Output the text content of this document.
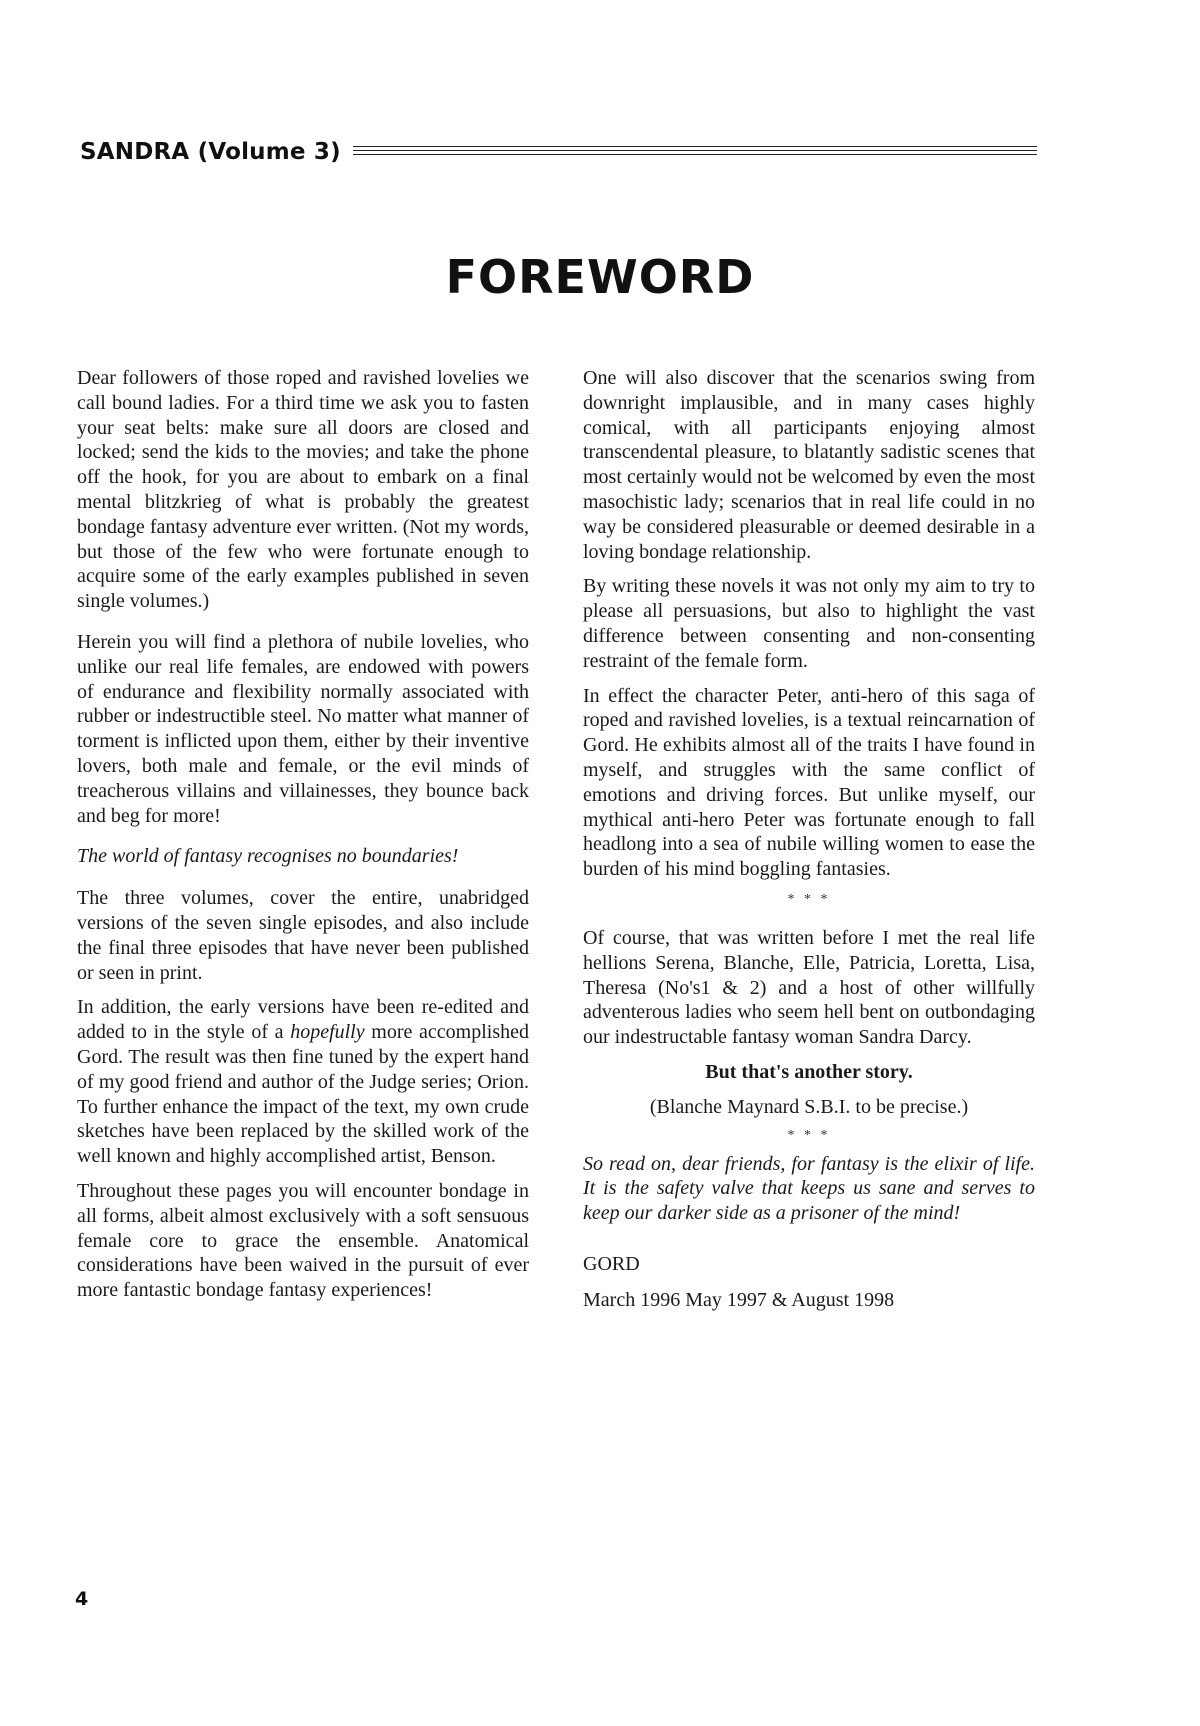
SANDRA (Volume 3)
FOREWORD

Dear followers of those roped and ravished lovelies we call bound ladies. For a third time we ask you to fasten your seat belts: make sure all doors are closed and locked; send the kids to the movies; and take the phone off the hook, for you are about to embark on a final mental blitzkrieg of what is probably the greatest bondage fantasy adventure ever written. (Not my words, but those of the few who were fortunate enough to acquire some of the early examples published in seven single volumes.)

Herein you will find a plethora of nubile lovelies, who unlike our real life females, are endowed with powers of endurance and flexibility normally associated with rubber or indestructible steel. No matter what manner of torment is inflicted upon them, either by their inventive lovers, both male and female, or the evil minds of treacherous villains and villainesses, they bounce back and beg for more!

The world of fantasy recognises no boundaries!

The three volumes, cover the entire, unabridged versions of the seven single episodes, and also include the final three episodes that have never been published or seen in print.

In addition, the early versions have been re-edited and added to in the style of a hopefully more accomplished Gord. The result was then fine tuned by the expert hand of my good friend and author of the Judge series; Orion. To further enhance the impact of the text, my own crude sketches have been replaced by the skilled work of the well known and highly accomplished artist, Benson.

Throughout these pages you will encounter bondage in all forms, albeit almost exclusively with a soft sensuous female core to grace the ensemble. Anatomical considerations have been waived in the pursuit of ever more fantastic bondage fantasy experiences!

One will also discover that the scenarios swing from downright implausible, and in many cases highly comical, with all participants enjoying almost transcendental pleasure, to blatantly sadistic scenes that most certainly would not be welcomed by even the most masochistic lady; scenarios that in real life could in no way be considered pleasurable or deemed desirable in a loving bondage relationship.

By writing these novels it was not only my aim to try to please all persuasions, but also to highlight the vast difference between consenting and non-consenting restraint of the female form.

In effect the character Peter, anti-hero of this saga of roped and ravished lovelies, is a textual reincarnation of Gord. He exhibits almost all of the traits I have found in myself, and struggles with the same conflict of emotions and driving forces. But unlike myself, our mythical anti-hero Peter was fortunate enough to fall headlong into a sea of nubile willing women to ease the burden of his mind boggling fantasies.

* * *

Of course, that was written before I met the real life hellions Serena, Blanche, Elle, Patricia, Loretta, Lisa, Theresa (No's1 & 2) and a host of other willfully adventerous ladies who seem hell bent on outbondaging our indestructable fantasy woman Sandra Darcy.

But that's another story.

(Blanche Maynard S.B.I. to be precise.)

* * *

So read on, dear friends, for fantasy is the elixir of life. It is the safety valve that keeps us sane and serves to keep our darker side as a prisoner of the mind!

GORD

March 1996 May 1997 & August 1998

4
